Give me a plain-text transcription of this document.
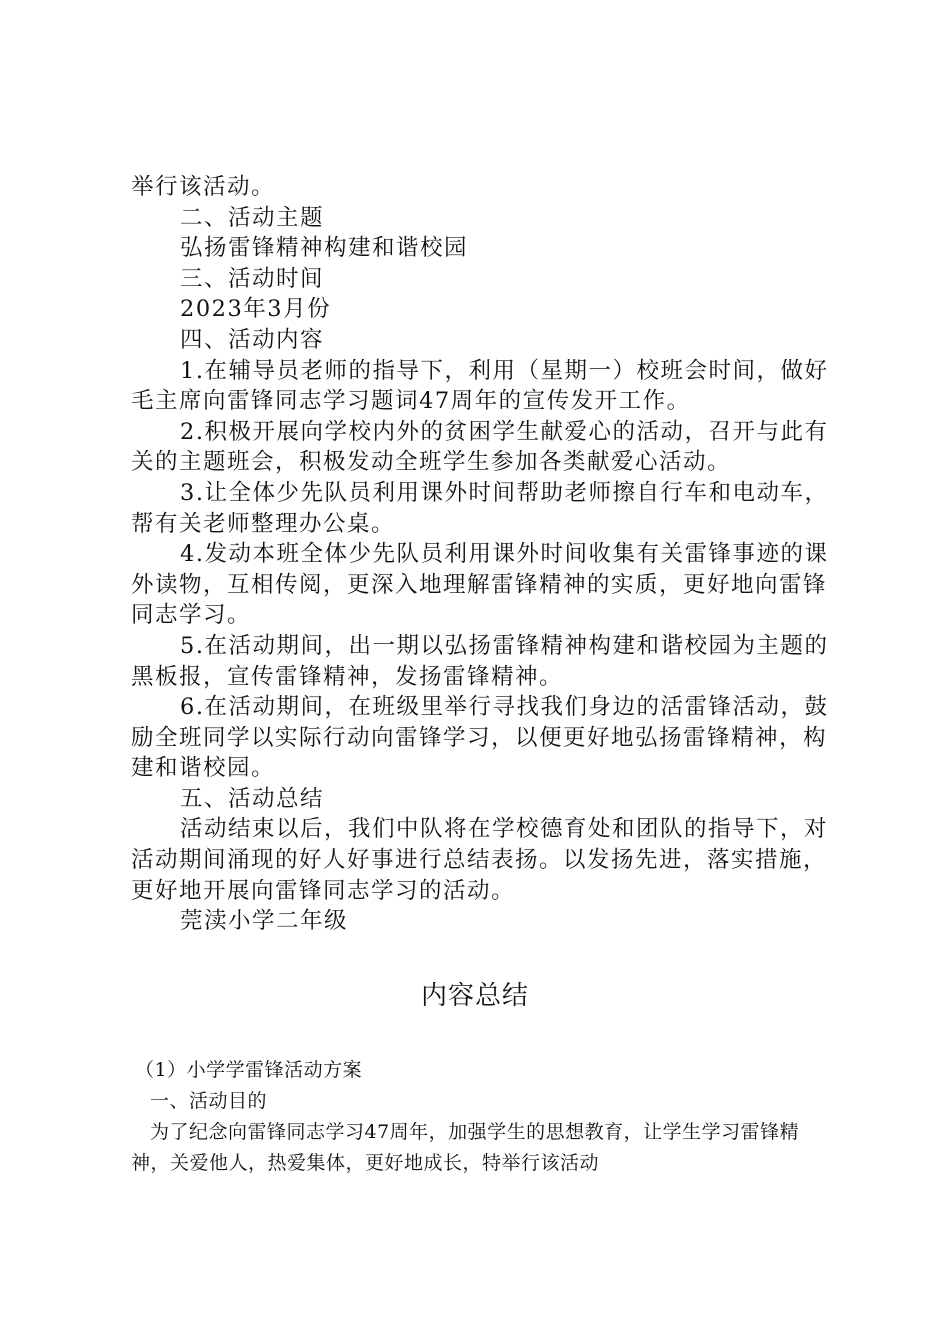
举行该活动。

二、活动主题

弘扬雷锋精神构建和谐校园

三、活动时间

2023年3月份

四、活动内容

1.在辅导员老师的指导下，利用（星期一）校班会时间，做好毛主席向雷锋同志学习题词47周年的宣传发开工作。

2.积极开展向学校内外的贫困学生献爱心的活动，召开与此有关的主题班会，积极发动全班学生参加各类献爱心活动。

3.让全体少先队员利用课外时间帮助老师擦自行车和电动车，帮有关老师整理办公桌。

4.发动本班全体少先队员利用课外时间收集有关雷锋事迹的课外读物，互相传阅，更深入地理解雷锋精神的实质，更好地向雷锋同志学习。

5.在活动期间，出一期以弘扬雷锋精神构建和谐校园为主题的黑板报，宣传雷锋精神，发扬雷锋精神。

6.在活动期间，在班级里举行寻找我们身边的活雷锋活动，鼓励全班同学以实际行动向雷锋学习，以便更好地弘扬雷锋精神，构建和谐校园。

五、活动总结

活动结束以后，我们中队将在学校德育处和团队的指导下，对活动期间涌现的好人好事进行总结表扬。以发扬先进，落实措施，更好地开展向雷锋同志学习的活动。

莞渎小学二年级

内容总结

（1）小学学雷锋活动方案

一、活动目的

为了纪念向雷锋同志学习47周年，加强学生的思想教育，让学生学习雷锋精神，关爱他人，热爱集体，更好地成长，特举行该活动
